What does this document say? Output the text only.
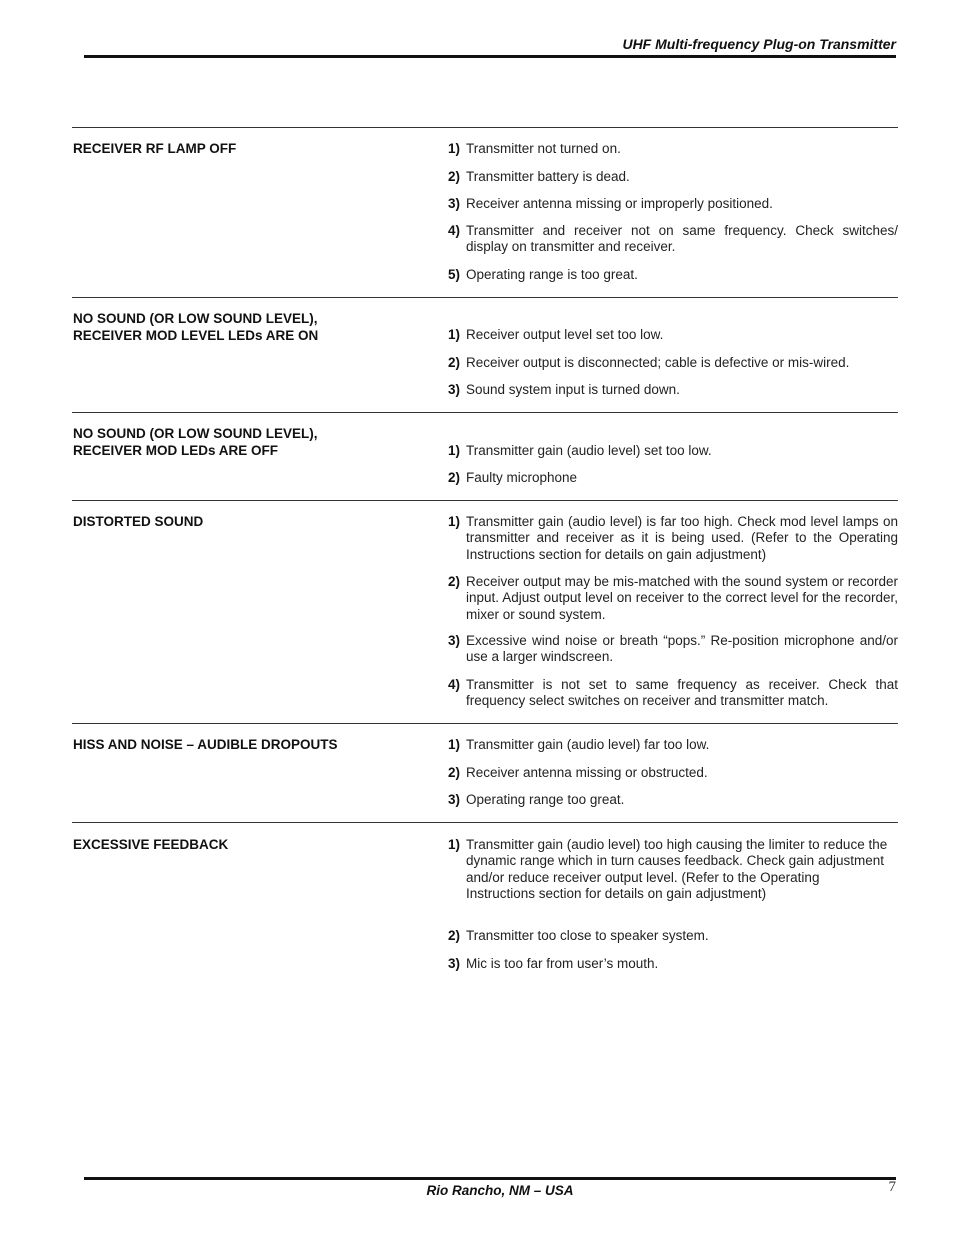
UHF Multi-frequency Plug-on Transmitter
RECEIVER RF LAMP OFF	1) Transmitter not turned on.
2) Transmitter battery is dead.
3) Receiver antenna missing or improperly positioned.
4) Transmitter and receiver not on same frequency. Check switches/ display on transmitter and receiver.
5) Operating range is too great.
NO SOUND (OR LOW SOUND LEVEL),
RECEIVER MOD LEVEL LEDs ARE ON	1) Receiver output level set too low.
2) Receiver output is disconnected; cable is defective or mis-wired.
3) Sound system input is turned down.
NO SOUND (OR LOW SOUND LEVEL),
RECEIVER MOD LEDs ARE OFF	1) Transmitter gain (audio level) set too low.
2) Faulty microphone
DISTORTED SOUND	1) Transmitter gain (audio level) is far too high. Check mod level lamps on transmitter and receiver as it is being used. (Refer to the Operating Instructions section for details on gain adjustment)
2) Receiver output may be mis-matched with the sound system or recorder input. Adjust output level on receiver to the correct level for the recorder, mixer or sound system.
3) Excessive wind noise or breath “pops.” Re-position microphone and/or use a larger windscreen.
4) Transmitter is not set to same frequency as receiver. Check that frequency select switches on receiver and transmitter match.
HISS AND NOISE – AUDIBLE DROPOUTS	1) Transmitter gain (audio level) far too low.
2) Receiver antenna missing or obstructed.
3) Operating range too great.
EXCESSIVE FEEDBACK	1) Transmitter gain (audio level) too high causing the limiter to reduce the dynamic range which in turn causes feedback. Check gain adjustment and/or reduce receiver output level. (Refer to the Operating Instructions section for details on gain adjustment)
2) Transmitter too close to speaker system.
3) Mic is too far from user’s mouth.
Rio Rancho, NM – USA	7
